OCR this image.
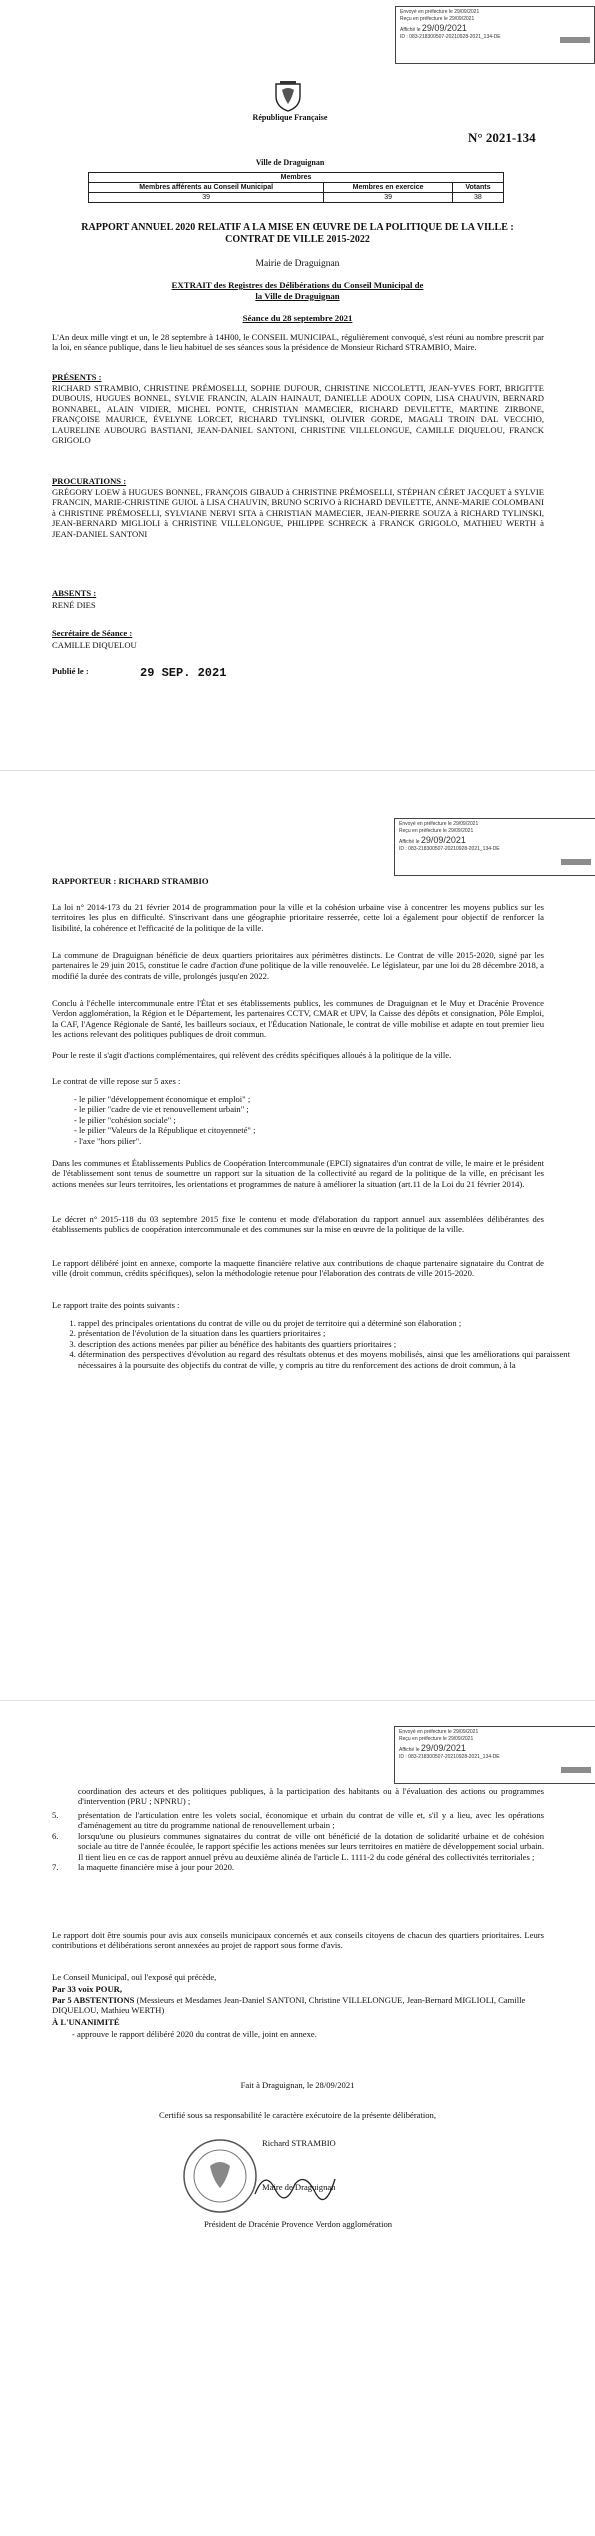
Envoyé en préfecture le 29/09/2021
Reçu en préfecture le 29/09/2021
Affiché le 29/09/2021
ID : 083-218300507-20210928-2021_134-DE
République Française
Ville de Draguignan
N° 2021-134
Membres		
Membres afférents au Conseil Municipal	Membres en exercice	Votants
39	39	38
RAPPORT ANNUEL 2020 RELATIF A LA MISE EN ŒUVRE DE LA POLITIQUE DE LA VILLE : CONTRAT DE VILLE 2015-2022
Mairie de Draguignan
EXTRAIT des Registres des Délibérations du Conseil Municipal de la Ville de Draguignan
Séance du 28 septembre 2021
L'An deux mille vingt et un, le 28 septembre à 14H00, le CONSEIL MUNICIPAL, régulièrement convoqué, s'est réuni au nombre prescrit par la loi, en séance publique, dans le lieu habituel de ses séances sous la présidence de Monsieur Richard STRAMBIO, Maire.
PRÉSENTS :
RICHARD STRAMBIO, CHRISTINE PRÉMOSELLI, SOPHIE DUFOUR, CHRISTINE NICCOLETTI, JEAN-YVES FORT, BRIGITTE DUBOUIS, HUGUES BONNEL, SYLVIE FRANCIN, ALAIN HAINAUT, DANIELLE ADOUX COPIN, LISA CHAUVIN, BERNARD BONNABEL, ALAIN VIDIER, MICHEL PONTE, CHRISTIAN MAMECIER, RICHARD DEVILETTE, MARTINE ZIRBONE, FRANÇOISE MAURICE, ÉVELYNE LORCET, RICHARD TYLINSKI, OLIVIER GORDE, MAGALI TROIN DAL VECCHIO, LAURELINE AUBOURG BASTIANI, JEAN-DANIEL SANTONI, CHRISTINE VILLELONGUE, CAMILLE DIQUELOU, FRANCK GRIGOLO
PROCURATIONS :
GRÉGORY LOEW à HUGUES BONNEL, FRANÇOIS GIBAUD à CHRISTINE PRÉMOSELLI, STÉPHAN CÉRET JACQUET à SYLVIE FRANCIN, MARIE-CHRISTINE GUIOL à LISA CHAUVIN, BRUNO SCRIVO à RICHARD DEVILETTE, ANNE-MARIE COLOMBANI à CHRISTINE PRÉMOSELLI, SYLVIANE NERVI SITA à CHRISTIAN MAMECIER, JEAN-PIERRE SOUZA à RICHARD TYLINSKI, JEAN-BERNARD MIGLIOLI à CHRISTINE VILLELONGUE, PHILIPPE SCHRECK à FRANCK GRIGOLO, MATHIEU WERTH à JEAN-DANIEL SANTONI
ABSENTS :
RENÉ DIES
Secrétaire de Séance :
CAMILLE DIQUELOU
Publié le :	29 SEP. 2021
Envoyé en préfecture le 29/09/2021
Reçu en préfecture le 29/09/2021
Affiché le 29/09/2021
ID : 083-218300507-20210928-2021_134-DE
RAPPORTEUR : RICHARD STRAMBIO
La loi n° 2014-173 du 21 février 2014 de programmation pour la ville et la cohésion urbaine vise à concentrer les moyens publics sur les territoires les plus en difficulté. S'inscrivant dans une géographie prioritaire resserrée, cette loi a également pour objectif de renforcer la lisibilité, la cohérence et l'efficacité de la politique de la ville.
La commune de Draguignan bénéficie de deux quartiers prioritaires aux périmètres distincts. Le Contrat de ville 2015-2020, signé par les partenaires le 29 juin 2015, constitue le cadre d'action d'une politique de la ville renouvelée. Le législateur, par une loi du 28 décembre 2018, a modifié la durée des contrats de ville, prolongés jusqu'en 2022.
Conclu à l'échelle intercommunale entre l'État et ses établissements publics, les communes de Draguignan et le Muy et Dracénie Provence Verdon agglomération, la Région et le Département, les partenaires CCTV, CMAR et UPV, la Caisse des dépôts et consignation, Pôle Emploi, la CAF, l'Agence Régionale de Santé, les bailleurs sociaux, et l'Éducation Nationale, le contrat de ville mobilise et adapte en tout premier lieu les actions relevant des politiques publiques de droit commun.
Pour le reste il s'agit d'actions complémentaires, qui relèvent des crédits spécifiques alloués à la politique de la ville.
Le contrat de ville repose sur 5 axes :
- le pilier "développement économique et emploi" ;
- le pilier "cadre de vie et renouvellement urbain" ;
- le pilier "cohésion sociale" ;
- le pilier "Valeurs de la République et citoyenneté" ;
- l'axe "hors pilier".
Dans les communes et Établissements Publics de Coopération Intercommunale (EPCI) signataires d'un contrat de ville, le maire et le président de l'établissement sont tenus de soumettre un rapport sur la situation de la collectivité au regard de la politique de la ville, en précisant les actions menées sur leurs territoires, les orientations et programmes de nature à améliorer la situation (art.11 de la Loi du 21 février 2014).
Le décret n° 2015-118 du 03 septembre 2015 fixe le contenu et mode d'élaboration du rapport annuel aux assemblées délibérantes des établissements publics de coopération intercommunale et des communes sur la mise en œuvre de la politique de la ville.
Le rapport délibéré joint en annexe, comporte la maquette financière relative aux contributions de chaque partenaire signataire du Contrat de ville (droit commun, crédits spécifiques), selon la méthodologie retenue pour l'élaboration des contrats de ville 2015-2020.
Le rapport traite des points suivants :
1. rappel des principales orientations du contrat de ville ou du projet de territoire qui a déterminé son élaboration ;
2. présentation de l'évolution de la situation dans les quartiers prioritaires ;
3. description des actions menées par pilier au bénéfice des habitants des quartiers prioritaires ;
4. détermination des perspectives d'évolution au regard des résultats obtenus et des moyens mobilisés, ainsi que les améliorations qui paraissent nécessaires à la poursuite des objectifs du contrat de ville, y compris au titre du renforcement des actions de droit commun, à la
Envoyé en préfecture le 29/09/2021
Reçu en préfecture le 29/09/2021
Affiché le 29/09/2021
ID : 083-218300507-20210928-2021_134-DE
coordination des acteurs et des politiques publiques, à la participation des habitants ou à l'évaluation des actions ou programmes d'intervention (PRU ; NPNRU) ;
5.	présentation de l'articulation entre les volets social, économique et urbain du contrat de ville et, s'il y a lieu, avec les opérations d'aménagement au titre du programme national de renouvellement urbain ;
6.	lorsqu'une ou plusieurs communes signataires du contrat de ville ont bénéficié de la dotation de solidarité urbaine et de cohésion sociale au titre de l'année écoulée, le rapport spécifie les actions menées sur leurs territoires en matière de développement social urbain. Il tient lieu en ce cas de rapport annuel prévu au deuxième alinéa de l'article L. 1111-2 du code général des collectivités territoriales ;
7.	la maquette financière mise à jour pour 2020.
Le rapport doit être soumis pour avis aux conseils municipaux concernés et aux conseils citoyens de chacun des quartiers prioritaires. Leurs contributions et délibérations seront annexées au projet de rapport sous forme d'avis.
Le Conseil Municipal, ouï l'exposé qui précède,
Par 33 voix POUR,
Par 5 ABSTENTIONS (Messieurs et Mesdames Jean-Daniel SANTONI, Christine VILLELONGUE, Jean-Bernard MIGLIOLI, Camille DIQUELOU, Mathieu WERTH)
À L'UNANIMITÉ
- approuve le rapport délibéré 2020 du contrat de ville, joint en annexe.
Fait à Draguignan, le 28/09/2021
Certifié sous sa responsabilité le caractère exécutoire de la présente délibération,
Richard STRAMBIO
Maire de Draguignan
Président de Dracénie Provence Verdon agglomération
